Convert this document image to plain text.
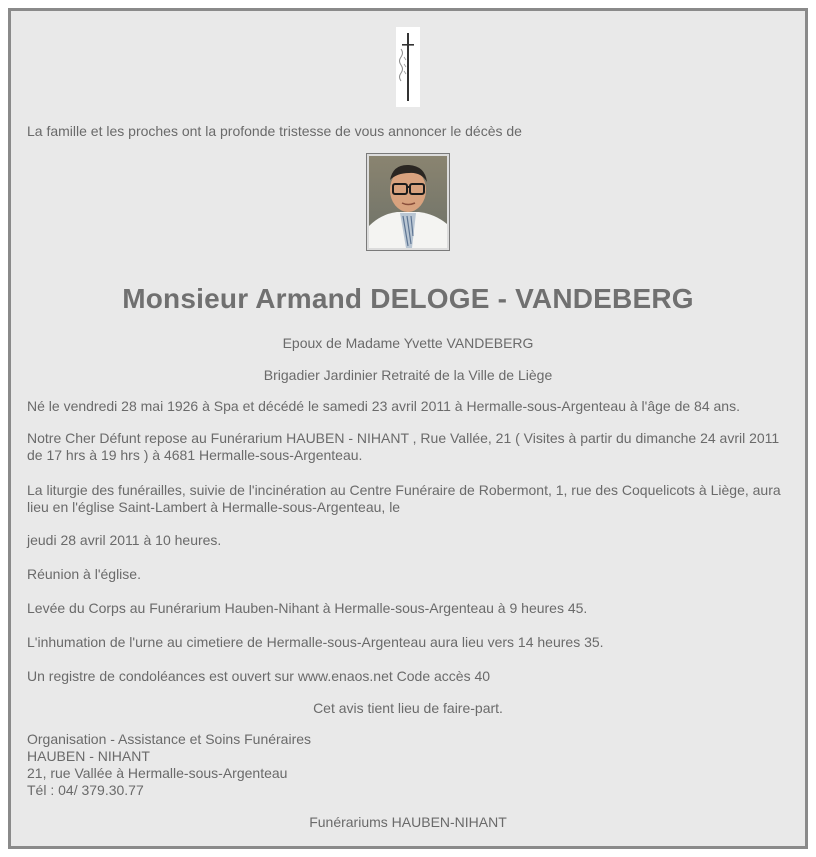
La famille et les proches ont la profonde tristesse de vous annoncer le décès de

Monsieur Armand DELOGE - VANDEBERG

Epoux de Madame Yvette VANDEBERG

Brigadier Jardinier Retraité de la Ville de Liège

Né le vendredi 28 mai 1926 à Spa et décédé le samedi 23 avril 2011 à Hermalle-sous-Argenteau à l'âge de 84 ans.

Notre Cher Défunt repose au Funérarium HAUBEN - NIHANT , Rue Vallée, 21 ( Visites à partir du dimanche 24 avril 2011 de 17 hrs à 19 hrs ) à 4681 Hermalle-sous-Argenteau.

La liturgie des funérailles, suivie de l'incinération au Centre Funéraire de Robermont, 1, rue des Coquelicots à Liège, aura lieu en l'église Saint-Lambert à Hermalle-sous-Argenteau, le

jeudi 28 avril 2011 à 10 heures.

Réunion à l'église.

Levée du Corps au Funérarium Hauben-Nihant à Hermalle-sous-Argenteau à 9 heures 45.

L'inhumation de l'urne au cimetiere de Hermalle-sous-Argenteau aura lieu vers 14 heures 35.

Un registre de condoléances est ouvert sur www.enaos.net Code accès 40

Cet avis tient lieu de faire-part.

Organisation - Assistance et Soins Funéraires
HAUBEN - NIHANT
21, rue Vallée à Hermalle-sous-Argenteau
Tél : 04/ 379.30.77

Funérariums HAUBEN-NIHANT
